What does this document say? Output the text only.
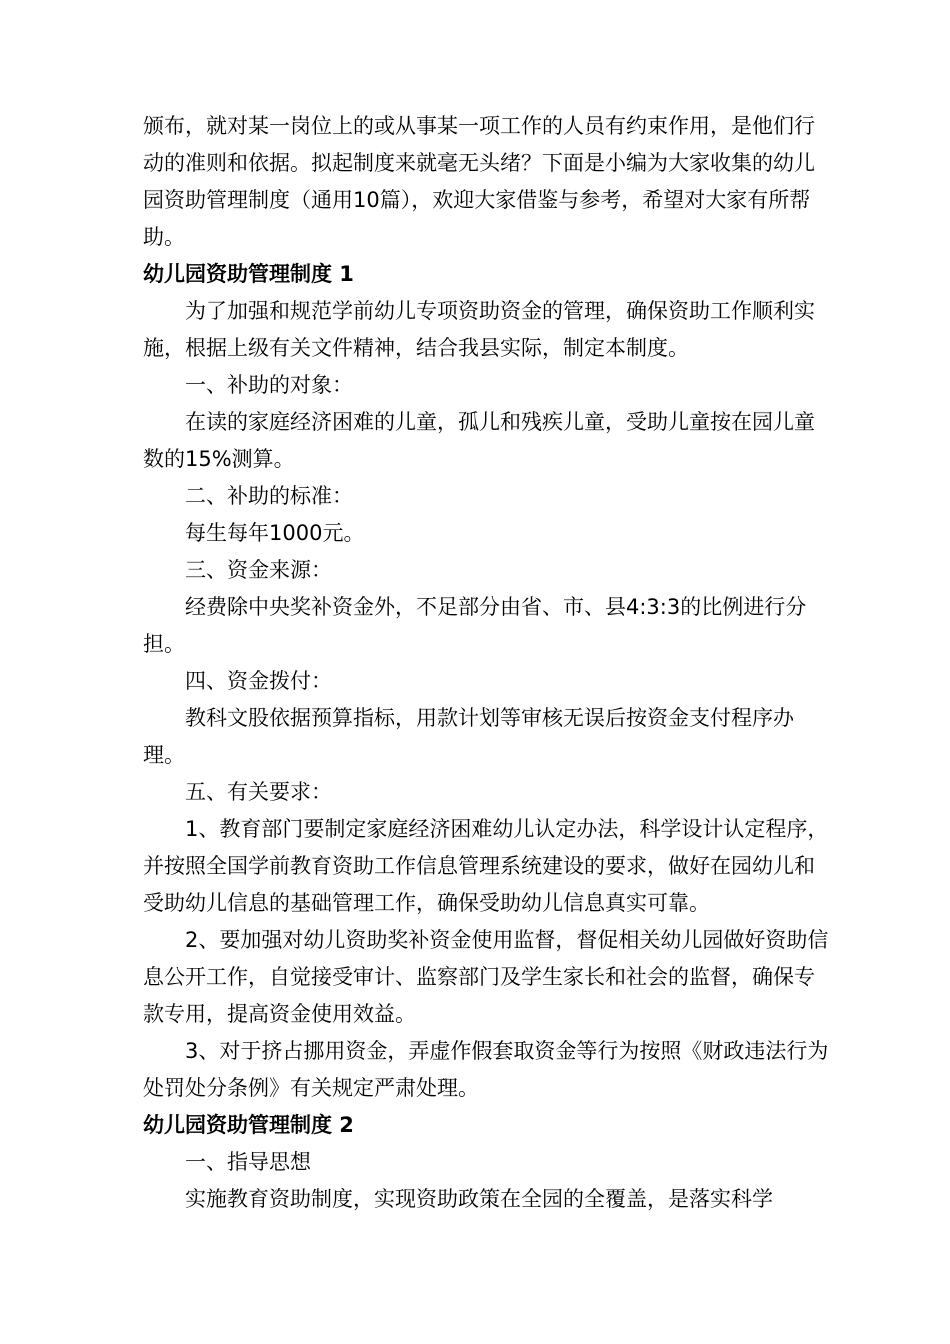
颁布，就对某一岗位上的或从事某一项工作的人员有约束作用，是他们行动的准则和依据。拟起制度来就毫无头绪？下面是小编为大家收集的幼儿园资助管理制度（通用10篇），欢迎大家借鉴与参考，希望对大家有所帮助。

幼儿园资助管理制度 1

为了加强和规范学前幼儿专项资助资金的管理，确保资助工作顺利实施，根据上级有关文件精神，结合我县实际，制定本制度。

一、补助的对象：

在读的家庭经济困难的儿童，孤儿和残疾儿童，受助儿童按在园儿童数的15%测算。

二、补助的标准：

每生每年1000元。

三、资金来源：

经费除中央奖补资金外，不足部分由省、市、县4:3:3的比例进行分担。

四、资金拨付：

教科文股依据预算指标，用款计划等审核无误后按资金支付程序办理。

五、有关要求：

1、教育部门要制定家庭经济困难幼儿认定办法，科学设计认定程序，并按照全国学前教育资助工作信息管理系统建设的要求，做好在园幼儿和受助幼儿信息的基础管理工作，确保受助幼儿信息真实可靠。

2、要加强对幼儿资助奖补资金使用监督，督促相关幼儿园做好资助信息公开工作，自觉接受审计、监察部门及学生家长和社会的监督，确保专款专用，提高资金使用效益。

3、对于挤占挪用资金，弄虚作假套取资金等行为按照《财政违法行为处罚处分条例》有关规定严肃处理。

幼儿园资助管理制度 2

一、指导思想

实施教育资助制度，实现资助政策在全园的全覆盖，是落实科学
